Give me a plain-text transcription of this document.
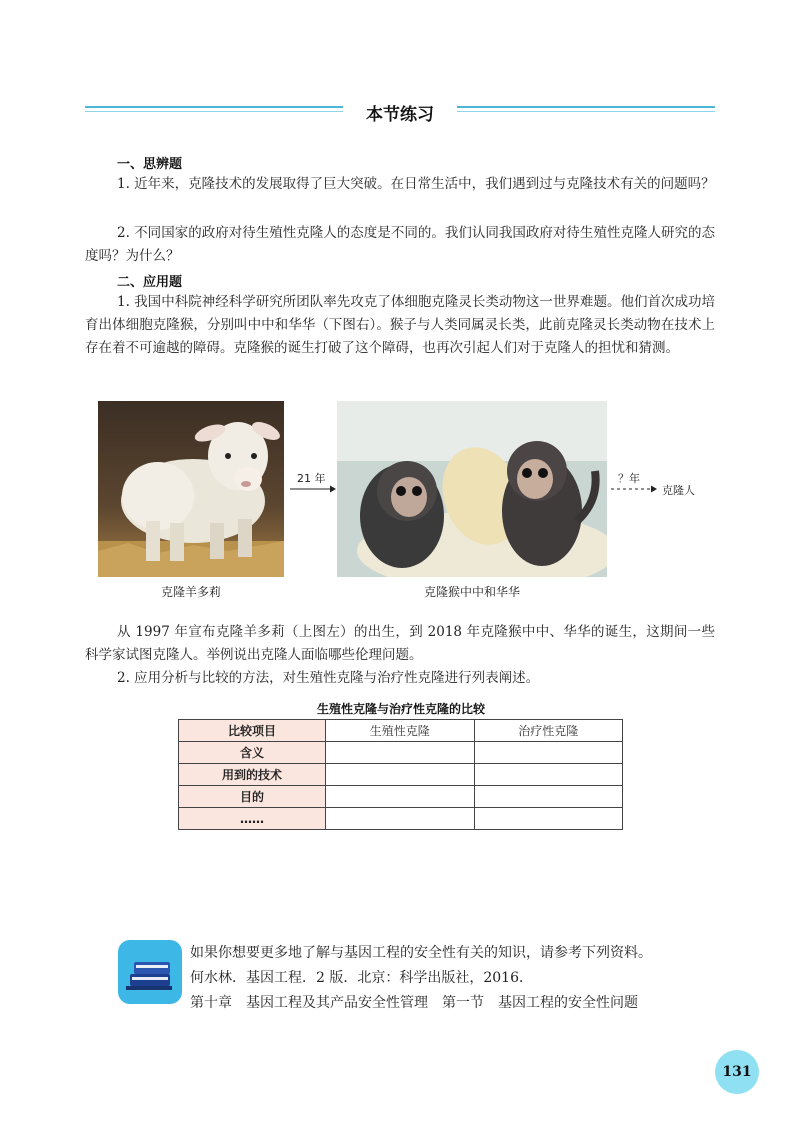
本节练习
一、思辨题
1. 近年来，克隆技术的发展取得了巨大突破。在日常生活中，我们遇到过与克隆技术有关的问题吗？
2. 不同国家的政府对待生殖性克隆人的态度是不同的。我们认同我国政府对待生殖性克隆人研究的态度吗？为什么？
二、应用题
1. 我国中科院神经科学研究所团队率先攻克了体细胞克隆灵长类动物这一世界难题。他们首次成功培育出体细胞克隆猴，分别叫中中和华华（下图右）。猴子与人类同属灵长类，此前克隆灵长类动物在技术上存在着不可逾越的障碍。克隆猴的诞生打破了这个障碍，也再次引起人们对于克隆人的担忧和猜测。
21 年	？年
克隆人
克隆羊多莉	克隆猴中中和华华
从 1997 年宣布克隆羊多莉（上图左）的出生，到 2018 年克隆猴中中、华华的诞生，这期间一些科学家试图克隆人。举例说出克隆人面临哪些伦理问题。
2. 应用分析与比较的方法，对生殖性克隆与治疗性克隆进行列表阐述。
生殖性克隆与治疗性克隆的比较
比较项目	生殖性克隆	治疗性克隆
含义		
用到的技术		
目的		
……		
如果你想要更多地了解与基因工程的安全性有关的知识，请参考下列资料。
何水林．基因工程．2 版．北京：科学出版社，2016．
第十章　基因工程及其产品安全性管理　第一节　基因工程的安全性问题
131
